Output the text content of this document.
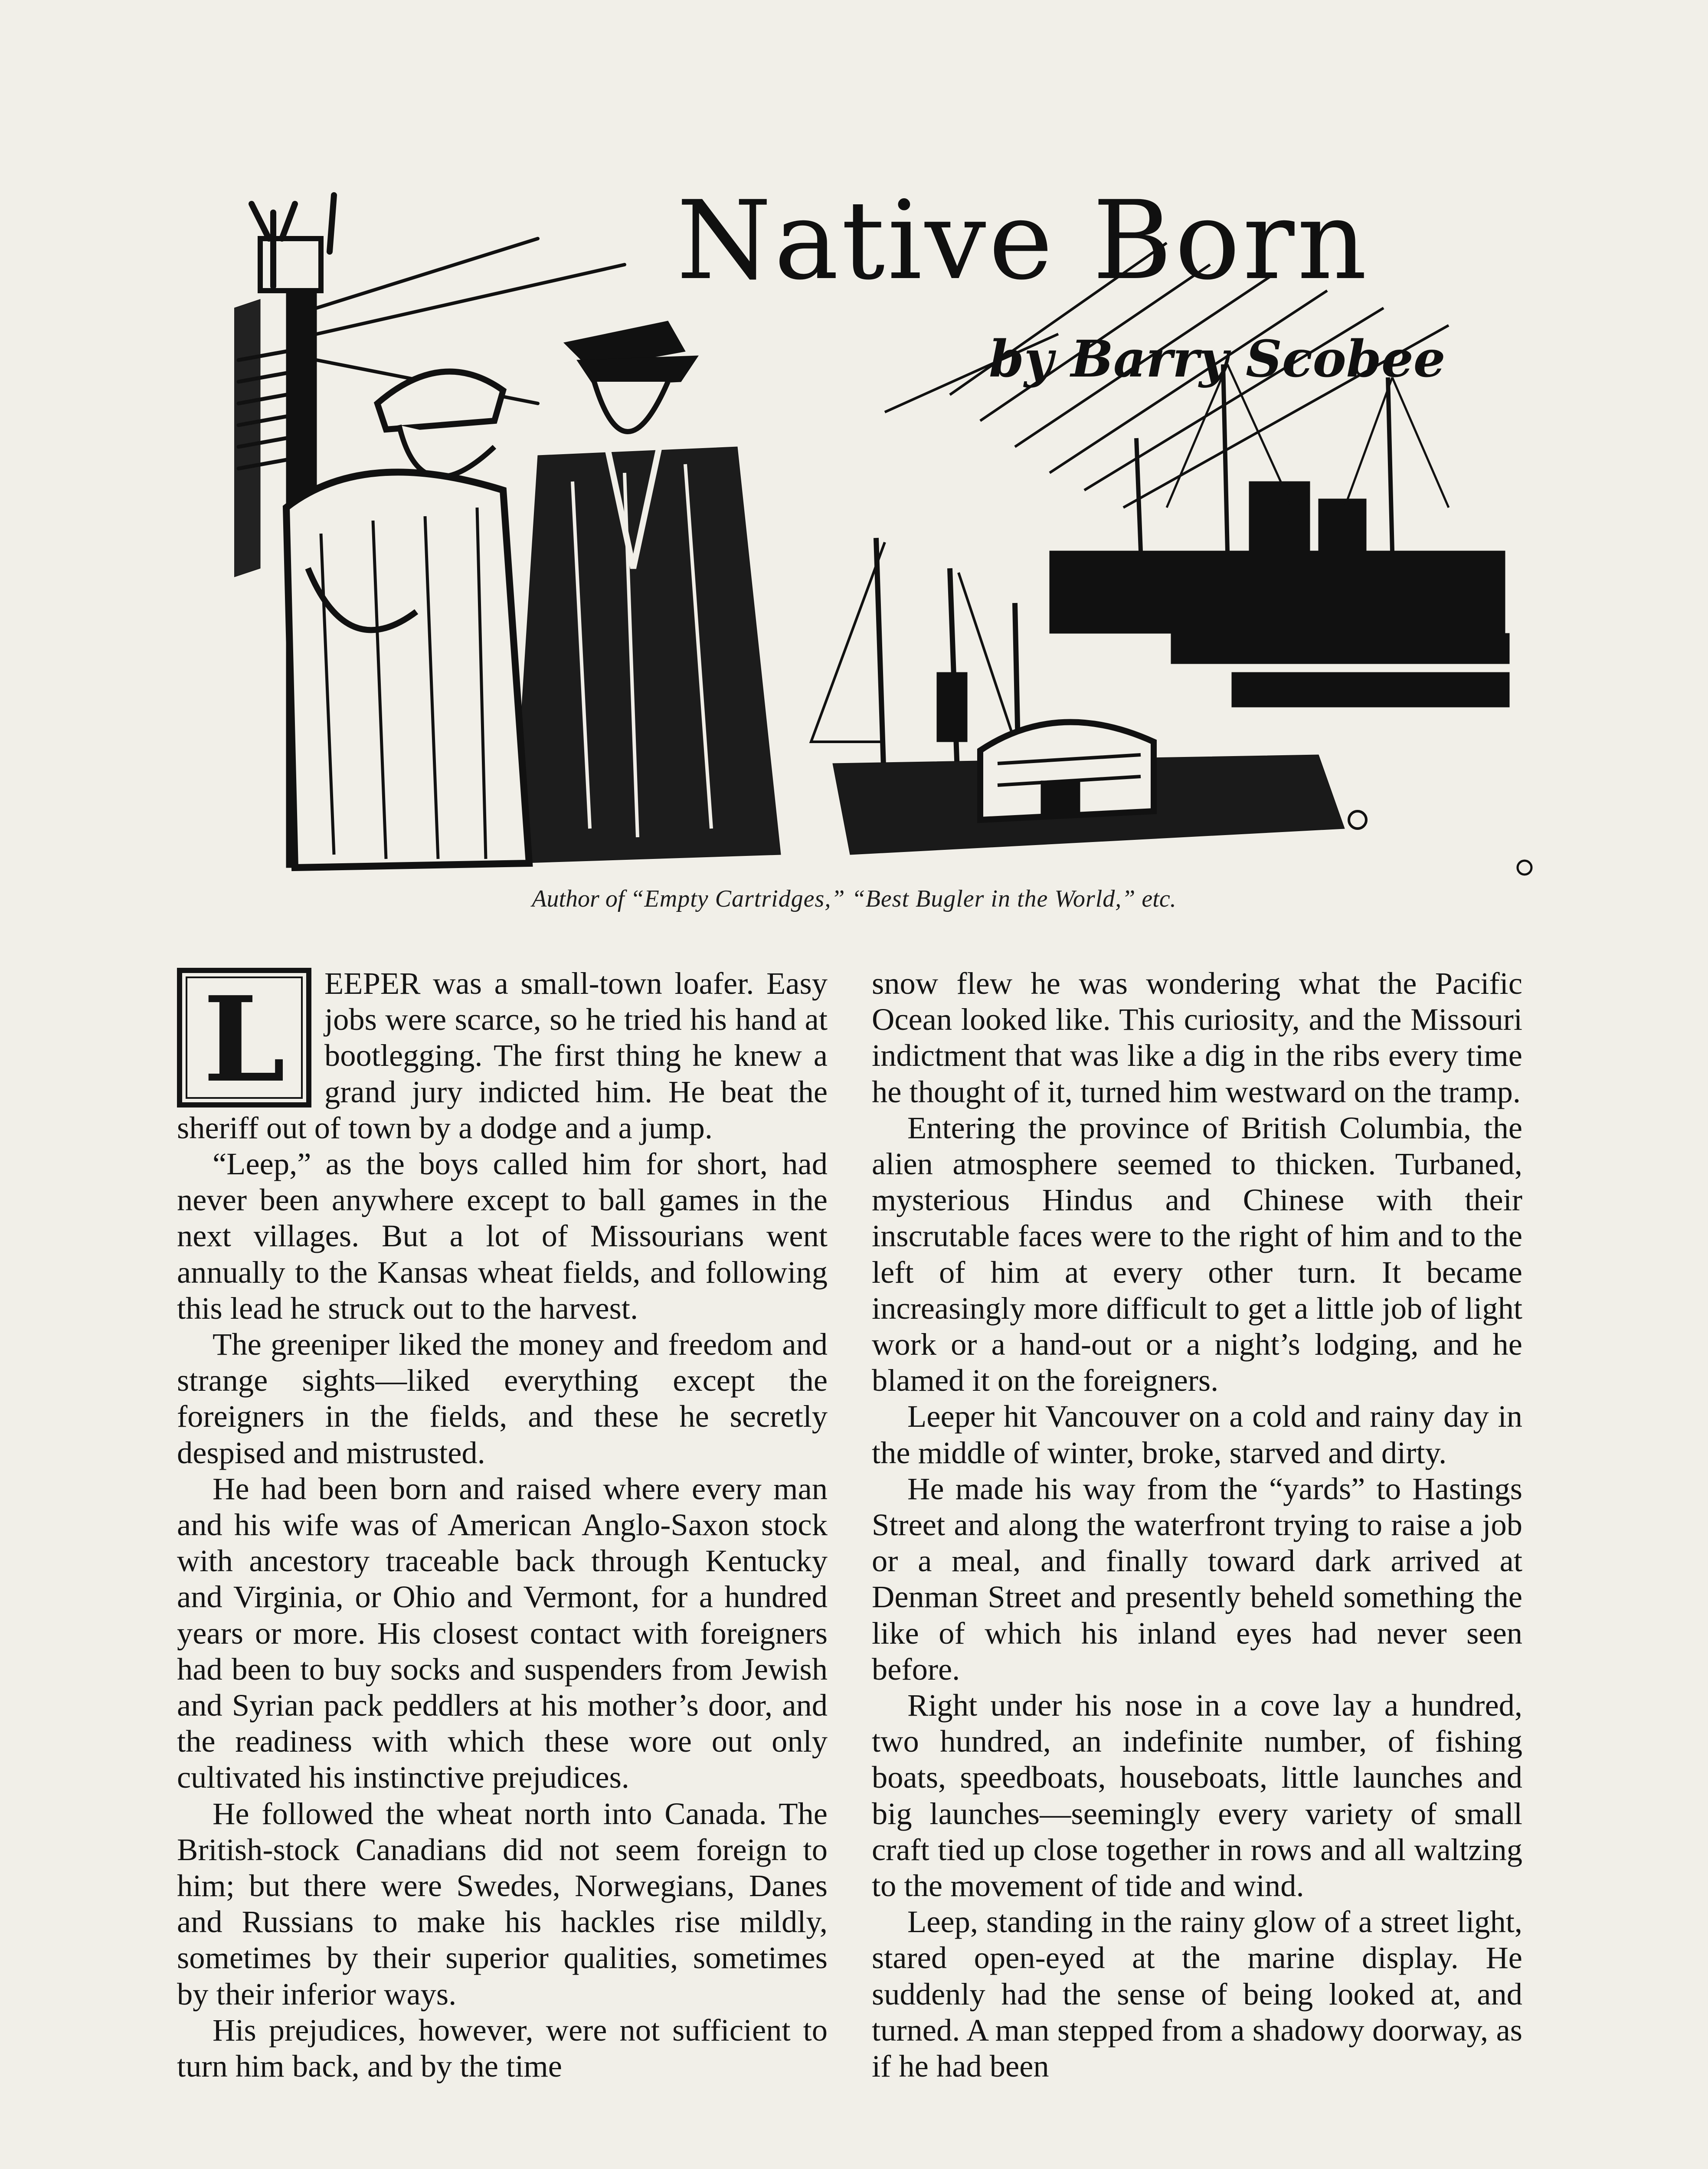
Native Born
by Barry Scobee
Author of “Empty Cartridges,” “Best Bugler in the World,” etc.
L	EEPER was a small-town loafer. Easy jobs were scarce, so he tried his hand at bootlegging. The first thing he knew a grand jury indicted him. He beat the sheriff out of town by a dodge and a jump.

“Leep,” as the boys called him for short, had never been anywhere except to ball games in the next villages. But a lot of Missourians went annually to the Kansas wheat fields, and following this lead he struck out to the harvest.

The greeniper liked the money and freedom and strange sights—liked everything except the foreigners in the fields, and these he secretly despised and mistrusted.

He had been born and raised where every man and his wife was of American Anglo-Saxon stock with ancestory traceable back through Kentucky and Virginia, or Ohio and Vermont, for a hundred years or more. His closest contact with foreigners had been to buy socks and suspenders from Jewish and Syrian pack peddlers at his mother’s door, and the readiness with which these wore out only cultivated his instinctive prejudices.

He followed the wheat north into Canada. The British-stock Canadians did not seem foreign to him; but there were Swedes, Norwegians, Danes and Russians to make his hackles rise mildly, sometimes by their superior qualities, sometimes by their inferior ways.

His prejudices, however, were not sufficient to turn him back, and by the time

snow flew he was wondering what the Pacific Ocean looked like. This curiosity, and the Missouri indictment that was like a dig in the ribs every time he thought of it, turned him westward on the tramp.

Entering the province of British Columbia, the alien atmosphere seemed to thicken. Turbaned, mysterious Hindus and Chinese with their inscrutable faces were to the right of him and to the left of him at every other turn. It became increasingly more difficult to get a little job of light work or a hand-out or a night’s lodging, and he blamed it on the foreigners.

Leeper hit Vancouver on a cold and rainy day in the middle of winter, broke, starved and dirty.

He made his way from the “yards” to Hastings Street and along the waterfront trying to raise a job or a meal, and finally toward dark arrived at Denman Street and presently beheld something the like of which his inland eyes had never seen before.

Right under his nose in a cove lay a hundred, two hundred, an indefinite number, of fishing boats, speedboats, houseboats, little launches and big launches—seemingly every variety of small craft tied up close together in rows and all waltzing to the movement of tide and wind.

Leep, standing in the rainy glow of a street light, stared open-eyed at the marine display. He suddenly had the sense of being looked at, and turned. A man stepped from a shadowy doorway, as if he had been
